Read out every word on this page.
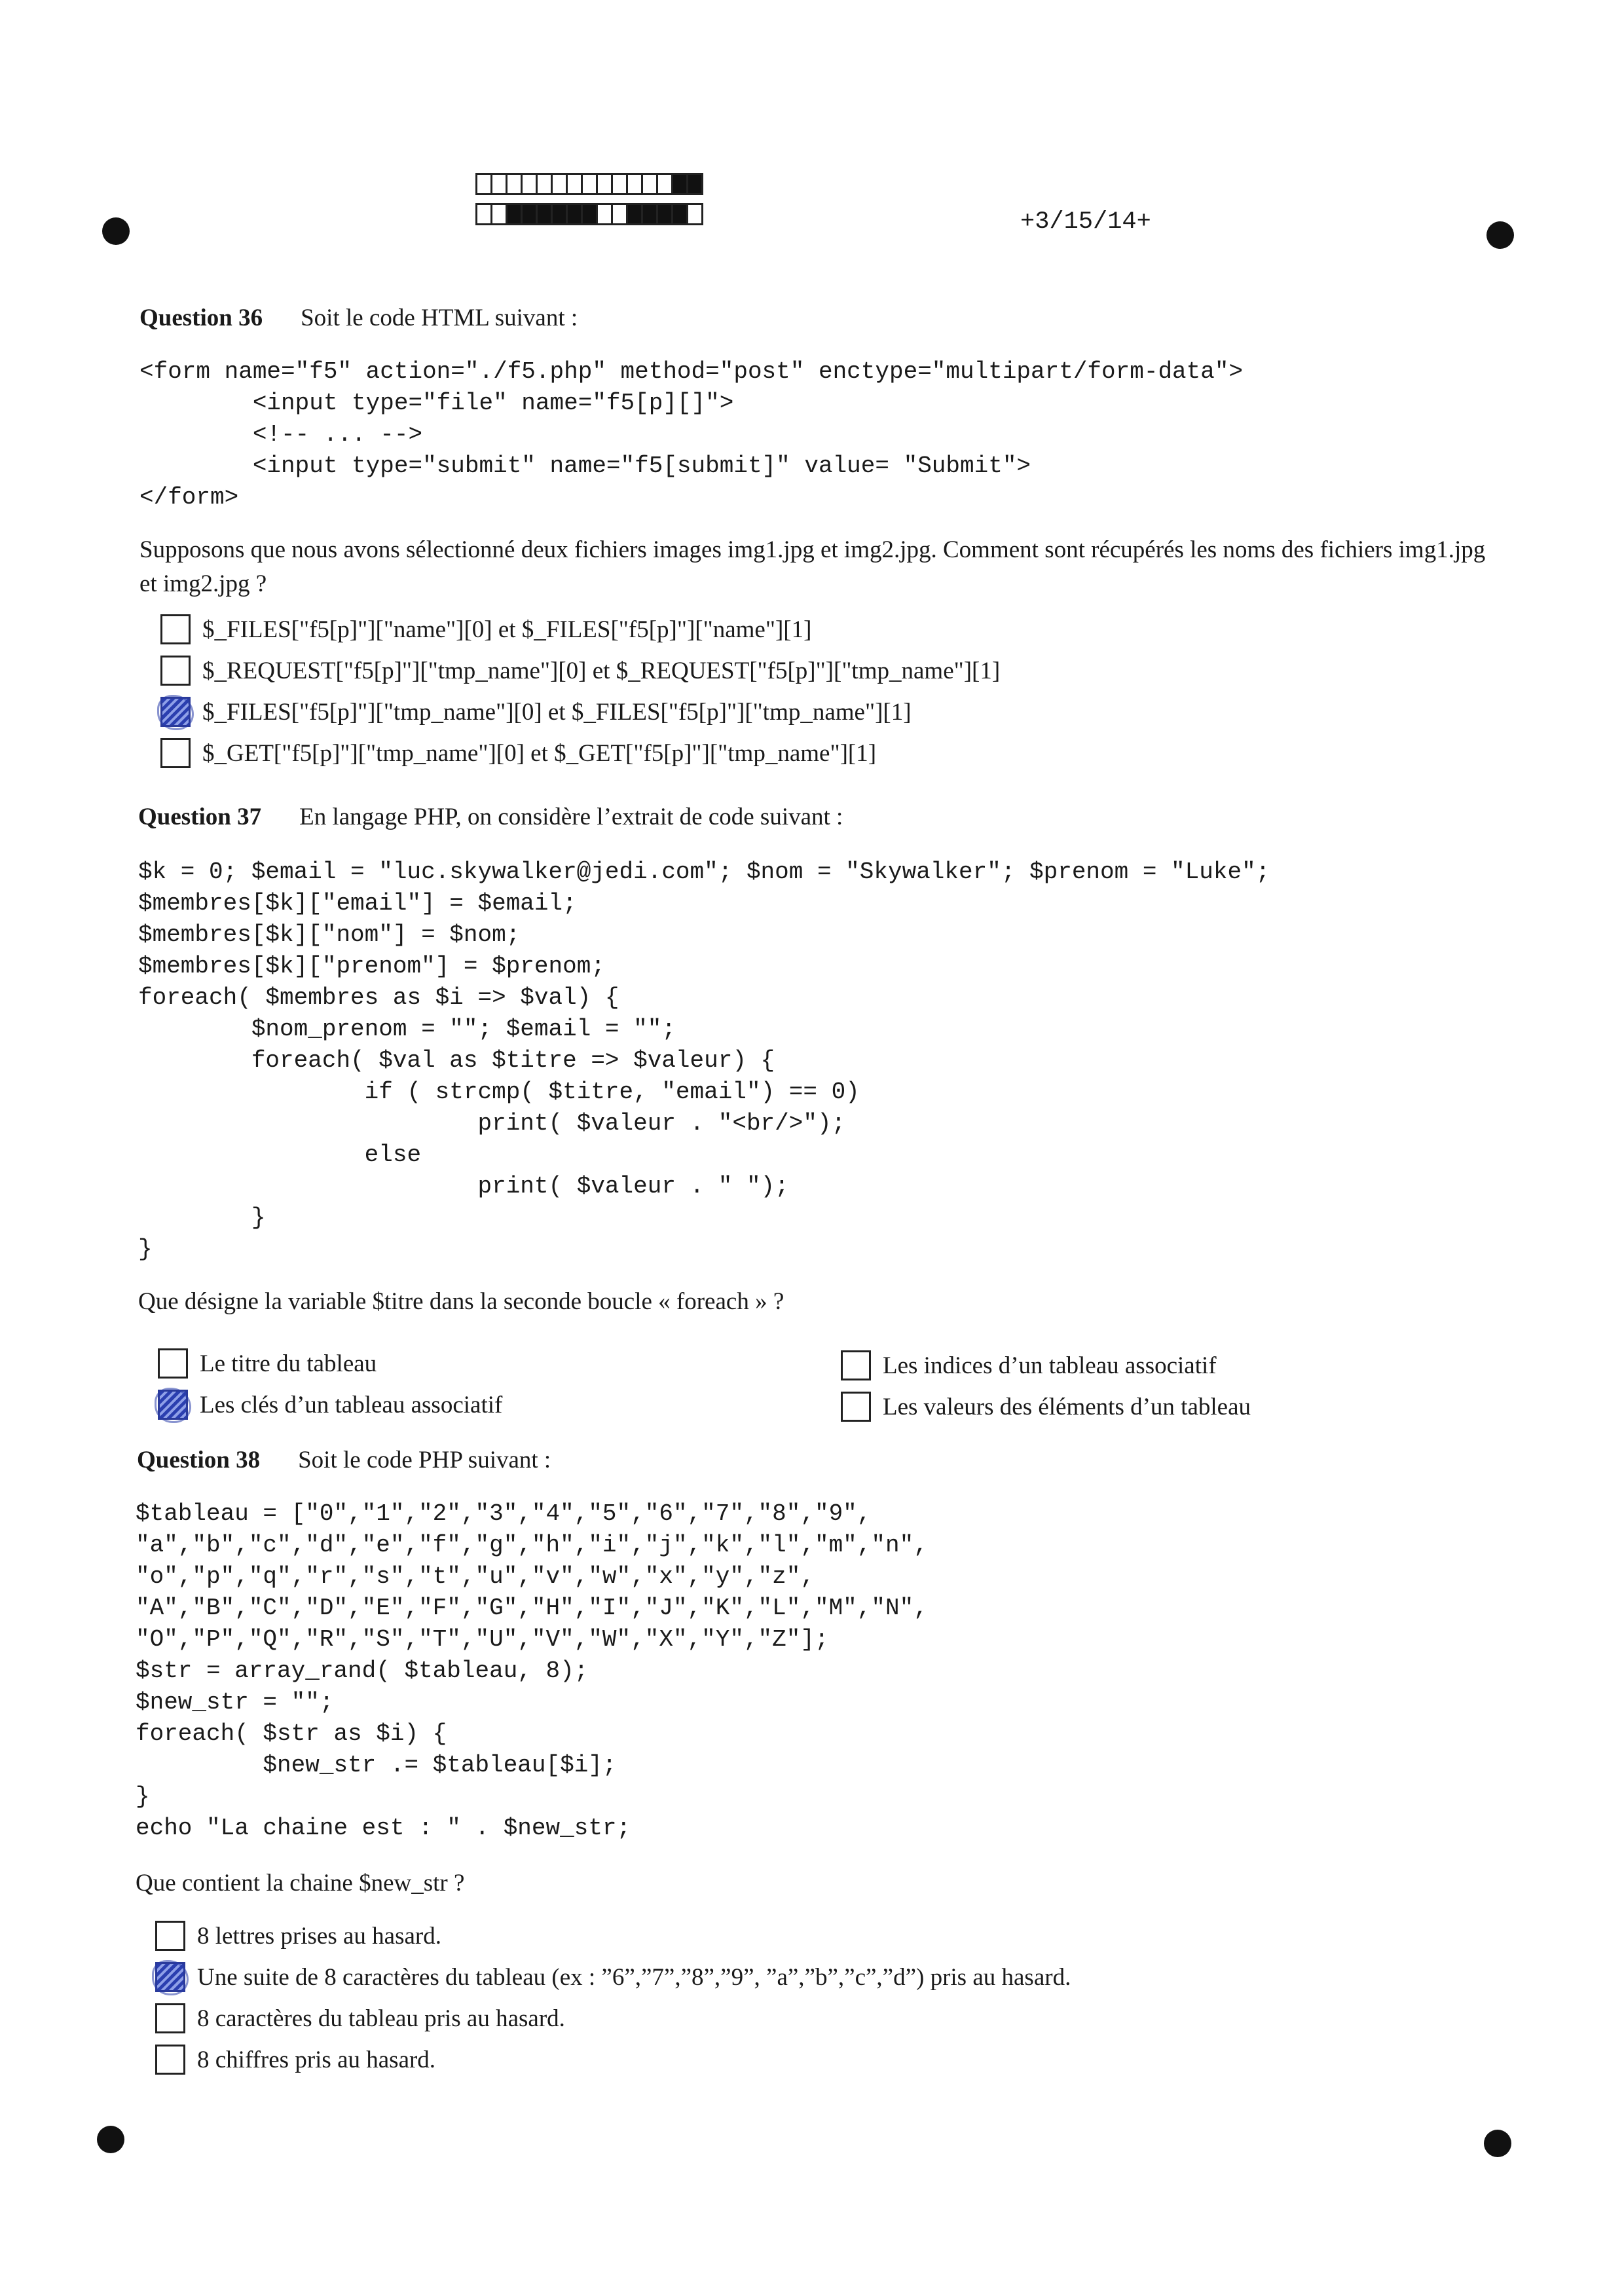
+3/15/14+
Question 36 Soit le code HTML suivant :
<form name="f5" action="./f5.php" method="post" enctype="multipart/form-data">
<input type="file" name="f5[p][]">
<!-- ... -->
<input type="submit" name="f5[submit]" value= "Submit">
</form>
Supposons que nous avons sélectionné deux fichiers images img1.jpg et img2.jpg. Comment sont récupérés les noms des fichiers img1.jpg et img2.jpg ?
$_FILES["f5[p]"]["name"][0] et $_FILES["f5[p]"]["name"][1]
$_REQUEST["f5[p]"]["tmp_name"][0] et $_REQUEST["f5[p]"]["tmp_name"][1]
$_FILES["f5[p]"]["tmp_name"][0] et $_FILES["f5[p]"]["tmp_name"][1]
$_GET["f5[p]"]["tmp_name"][0] et $_GET["f5[p]"]["tmp_name"][1]
Question 37 En langage PHP, on considère l’extrait de code suivant :
$k = 0; $email = "luc.skywalker@jedi.com"; $nom = "Skywalker"; $prenom = "Luke";
$membres[$k]["email"] = $email;
$membres[$k]["nom"] = $nom;
$membres[$k]["prenom"] = $prenom;
foreach( $membres as $i => $val) {
$nom_prenom = ""; $email = "";
foreach( $val as $titre => $valeur) {
if ( strcmp( $titre, "email") == 0)
print( $valeur . "<br/>");
else
print( $valeur . " ");
}
}
Que désigne la variable $titre dans la seconde boucle « foreach » ?
Le titre du tableau
Les clés d’un tableau associatif
Les indices d’un tableau associatif
Les valeurs des éléments d’un tableau
Question 38 Soit le code PHP suivant :
$tableau = ["0","1","2","3","4","5","6","7","8","9",
"a","b","c","d","e","f","g","h","i","j","k","l","m","n",
"o","p","q","r","s","t","u","v","w","x","y","z",
"A","B","C","D","E","F","G","H","I","J","K","L","M","N",
"O","P","Q","R","S","T","U","V","W","X","Y","Z"];
$str = array_rand( $tableau, 8);
$new_str = "";
foreach( $str as $i) {
$new_str .= $tableau[$i];
}
echo "La chaine est : " . $new_str;
Que contient la chaine $new_str ?
8 lettres prises au hasard.
Une suite de 8 caractères du tableau (ex : ”6”,”7”,”8”,”9”, ”a”,”b”,”c”,”d”) pris au hasard.
8 caractères du tableau pris au hasard.
8 chiffres pris au hasard.
